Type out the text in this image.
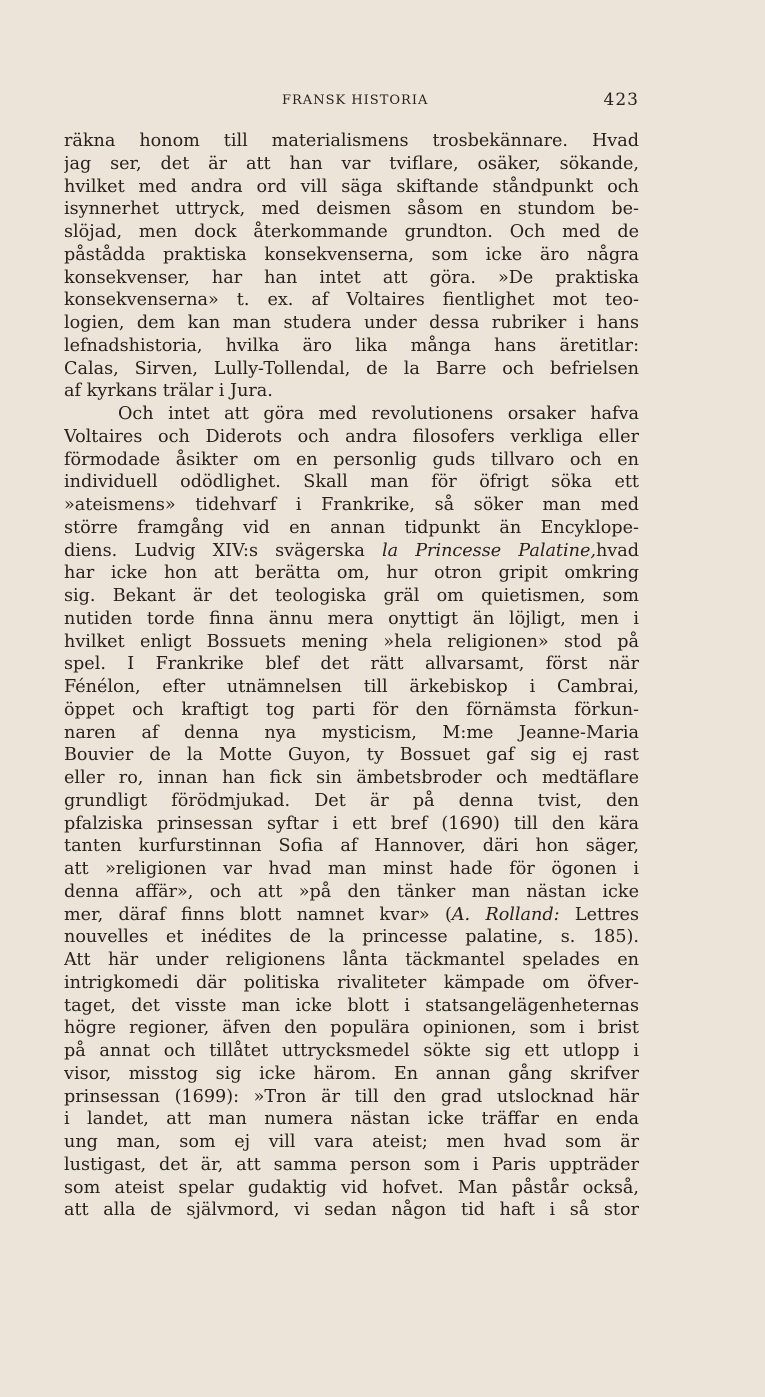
FRANSK HISTORIA	423
räkna honom till materialismens trosbekännare. Hvad
jag ser, det är att han var tviflare, osäker, sökande,
hvilket med andra ord vill säga skiftande ståndpunkt och
isynnerhet uttryck, med deismen såsom en stundom be-
slöjad, men dock återkommande grundton. Och med de
påstådda praktiska konsekvenserna, som icke äro några
konsekvenser, har han intet att göra. »De praktiska
konsekvenserna» t. ex. af Voltaires fientlighet mot teo-
logien, dem kan man studera under dessa rubriker i hans
lefnadshistoria, hvilka äro lika många hans äretitlar:
Calas, Sirven, Lully-Tollendal, de la Barre och befrielsen
af kyrkans trälar i Jura.
Och intet att göra med revolutionens orsaker hafva
Voltaires och Diderots och andra filosofers verkliga eller
förmodade åsikter om en personlig guds tillvaro och en
individuell odödlighet. Skall man för öfrigt söka ett
»ateismens» tidehvarf i Frankrike, så söker man med
större framgång vid en annan tidpunkt än Encyklope-
diens. Ludvig XIV:s svägerska la Princesse Palatine,hvad
har icke hon att berätta om, hur otron gripit omkring
sig. Bekant är det teologiska gräl om quietismen, som
nutiden torde finna ännu mera onyttigt än löjligt, men i
hvilket enligt Bossuets mening »hela religionen» stod på
spel. I Frankrike blef det rätt allvarsamt, först när
Fénélon, efter utnämnelsen till ärkebiskop i Cambrai,
öppet och kraftigt tog parti för den förnämsta förkun-
naren af denna nya mysticism, M:me Jeanne-Maria
Bouvier de la Motte Guyon, ty Bossuet gaf sig ej rast
eller ro, innan han fick sin ämbetsbroder och medtäflare
grundligt förödmjukad. Det är på denna tvist, den
pfalziska prinsessan syftar i ett bref (1690) till den kära
tanten kurfurstinnan Sofia af Hannover, däri hon säger,
att »religionen var hvad man minst hade för ögonen i
denna affär», och att »på den tänker man nästan icke
mer, däraf finns blott namnet kvar» (A. Rolland: Lettres
nouvelles et inédites de la princesse palatine, s. 185).
Att här under religionens lånta täckmantel spelades en
intrigkomedi där politiska rivaliteter kämpade om öfver-
taget, det visste man icke blott i statsangelägenheternas
högre regioner, äfven den populära opinionen, som i brist
på annat och tillåtet uttrycksmedel sökte sig ett utlopp i
visor, misstog sig icke härom. En annan gång skrifver
prinsessan (1699): »Tron är till den grad utslocknad här
i landet, att man numera nästan icke träffar en enda
ung man, som ej vill vara ateist; men hvad som är
lustigast, det är, att samma person som i Paris uppträder
som ateist spelar gudaktig vid hofvet. Man påstår också,
att alla de självmord, vi sedan någon tid haft i så stor
